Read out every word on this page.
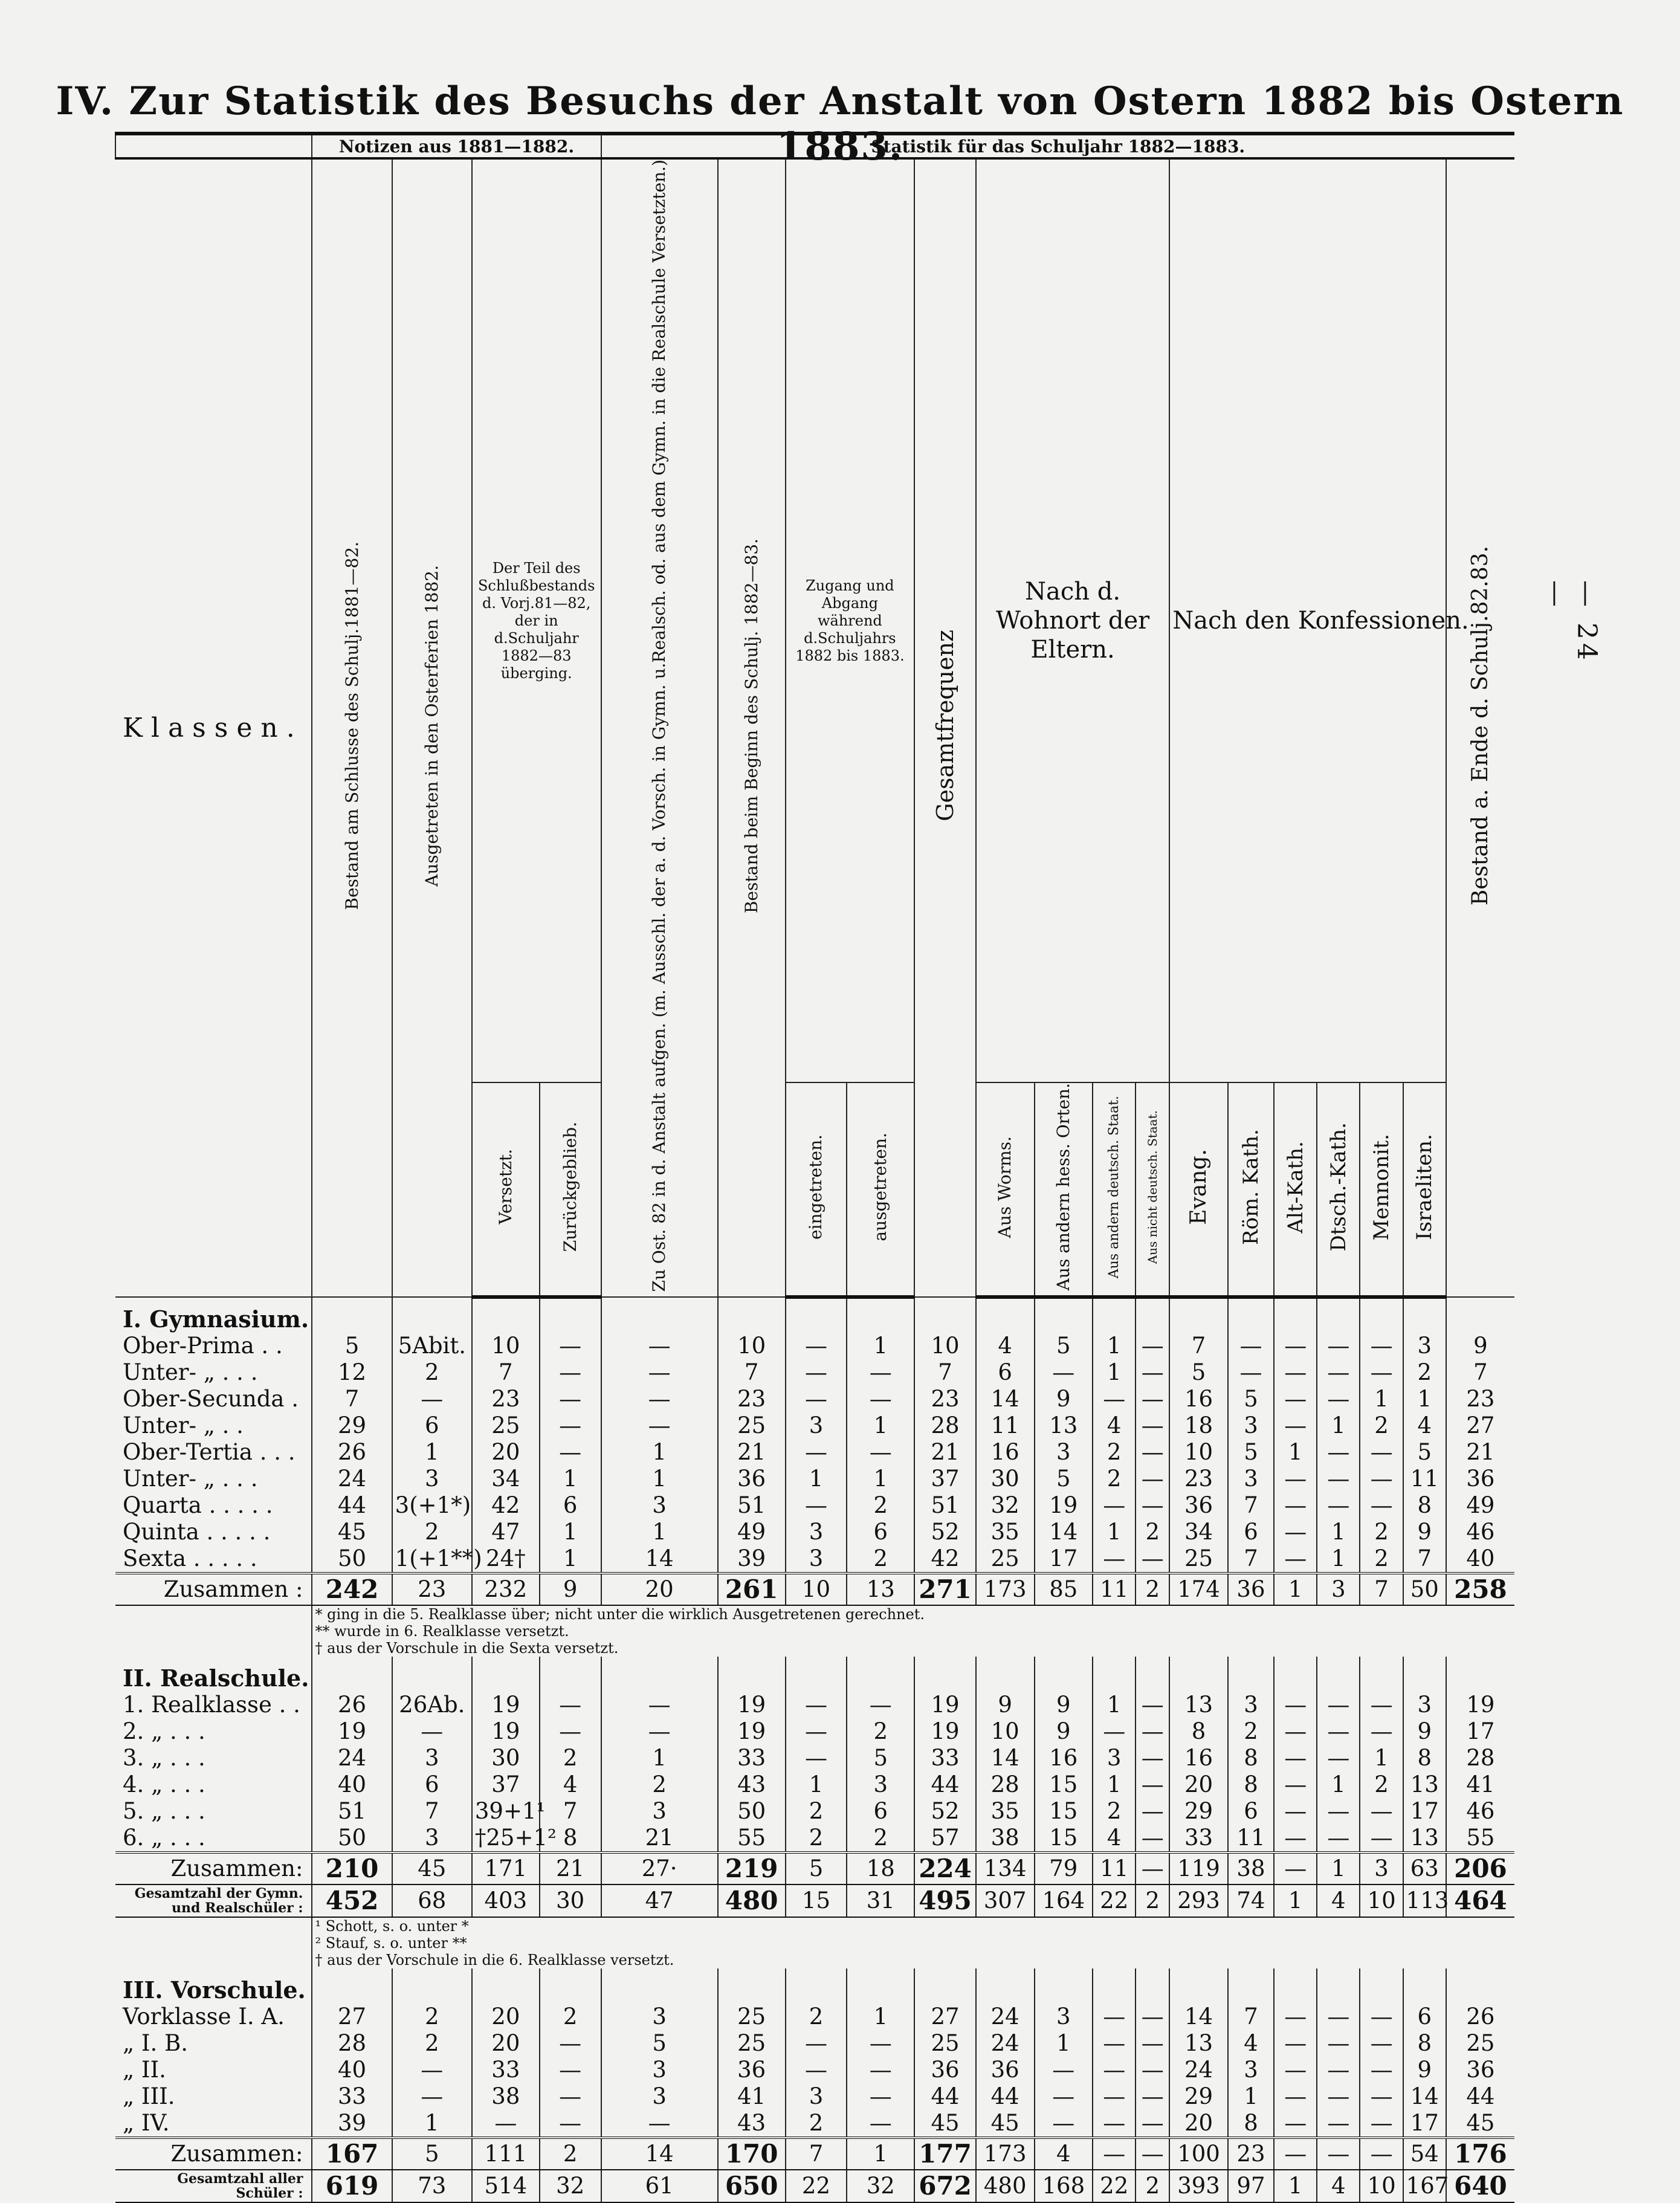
IV. Zur Statistik des Besuchs der Anstalt von Ostern 1882 bis Ostern 1883.
	Notizen aus 1881—1882.				Statistik für das Schuljahr 1882—1883.															
Klassen.	Bestand am Schlusse des Schulj.1881—82.	Ausgetreten in den Osterferien 1882.	Der Teil des Schlußbestands d. Vorj.81—82, der in d.Schuljahr 1882—83 überging.		Zu Ost. 82 in d. Anstalt aufgen. (m. Ausschl. der a. d. Vorsch. in Gymn. u.Realsch. od. aus dem Gymn. in die Realschule Versetzten.)	Bestand beim Beginn des Schulj. 1882—83.	Zugang und Abgang während d.Schuljahrs 1882 bis 1883.		Gesamtfrequenz	Nach d. Wohnort der Eltern.				Nach den Konfessionen.						Bestand a. Ende d. Schulj.82.83.
			Versetzt.	Zurückgeblieb.			eingetreten.	ausgetreten.		Aus Worms.	Aus andern hess. Orten.	Aus andern deutsch. Staat.	Aus nicht deutsch. Staat.	Evang.	Röm. Kath.	Alt-Kath.	Dtsch.-Kath.	Mennonit.	Israeliten.	
I. Gymnasium.																				
Ober-Prima . .	5	5Abit.	10	—	—	10	—	1	10	4	5	1	—	7	—	—	—	—	3	9
Unter- „ . . .	12	2	7	—	—	7	—	—	7	6	—	1	—	5	—	—	—	—	2	7
Ober-Secunda .	7	—	23	—	—	23	—	—	23	14	9	—	—	16	5	—	—	1	1	23
Unter- „ . .	29	6	25	—	—	25	3	1	28	11	13	4	—	18	3	—	1	2	4	27
Ober-Tertia . . .	26	1	20	—	1	21	—	—	21	16	3	2	—	10	5	1	—	—	5	21
Unter- „ . . .	24	3	34	1	1	36	1	1	37	30	5	2	—	23	3	—	—	—	11	36
Quarta . . . . .	44	3(+1*)	42	6	3	51	—	2	51	32	19	—	—	36	7	—	—	—	8	49
Quinta . . . . .	45	2	47	1	1	49	3	6	52	35	14	1	2	34	6	—	1	2	9	46
Sexta . . . . .	50	1(+1**)	24†	1	14	39	3	2	42	25	17	—	—	25	7	—	1	2	7	40
Zusammen :	242	23	232	9	20	261	10	13	271	173	85	11	2	174	36	1	3	7	50	258

	* ging in die 5. Realklasse über; nicht unter die wirklich Ausgetretenen gerechnet.
** wurde in 6. Realklasse versetzt.
† aus der Vorschule in die Sexta versetzt.																			

II. Realschule.																				
1. Realklasse . .	26	26Ab.	19	—	—	19	—	—	19	9	9	1	—	13	3	—	—	—	3	19
2. „ . . .	19	—	19	—	—	19	—	2	19	10	9	—	—	8	2	—	—	—	9	17
3. „ . . .	24	3	30	2	1	33	—	5	33	14	16	3	—	16	8	—	—	1	8	28
4. „ . . .	40	6	37	4	2	43	1	3	44	28	15	1	—	20	8	—	1	2	13	41
5. „ . . .	51	7	39+1¹	7	3	50	2	6	52	35	15	2	—	29	6	—	—	—	17	46
6. „ . . .	50	3	†25+1²	8	21	55	2	2	57	38	15	4	—	33	11	—	—	—	13	55
Zusammen:	210	45	171	21	27·	219	5	18	224	134	79	11	—	119	38	—	1	3	63	206
Gesamtzahl der Gymn. und Realschüler :	452	68	403	30	47	480	15	31	495	307	164	22	2	293	74	1	4	10	113	464

	¹ Schott, s. o. unter *
² Stauf, s. o. unter **
† aus der Vorschule in die 6. Realklasse versetzt.																			

III. Vorschule.																				
Vorklasse I. A.	27	2	20	2	3	25	2	1	27	24	3	—	—	14	7	—	—	—	6	26
„ I. B.	28	2	20	—	5	25	—	—	25	24	1	—	—	13	4	—	—	—	8	25
„ II.	40	—	33	—	3	36	—	—	36	36	—	—	—	24	3	—	—	—	9	36
„ III.	33	—	38	—	3	41	3	—	44	44	—	—	—	29	1	—	—	—	14	44
„ IV.	39	1	—	—	—	43	2	—	45	45	—	—	—	20	8	—	—	—	17	45
Zusammen:	167	5	111	2	14	170	7	1	177	173	4	—	—	100	23	—	—	—	54	176
Gesamtzahl aller Schüler :	619	73	514	32	61	650	22	32	672	480	168	22	2	393	97	1	4	10	167	640
— 24 —
